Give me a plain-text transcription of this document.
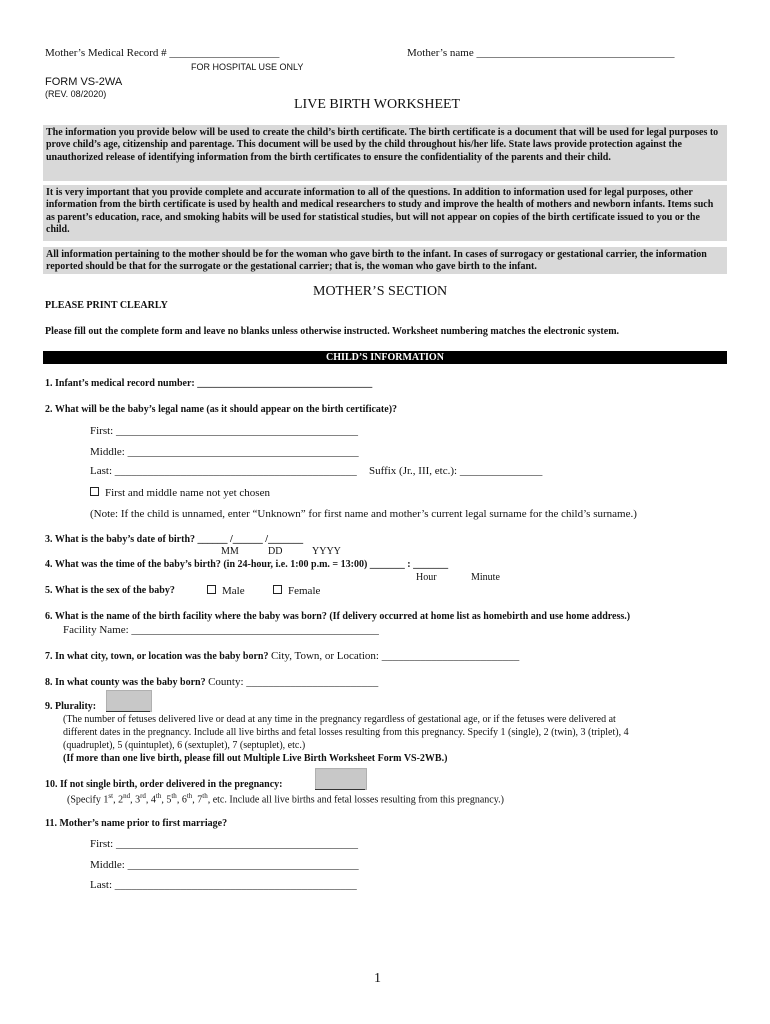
Mother’s Medical Record # ____________________
FOR HOSPITAL USE ONLY
Mother’s name ____________________________________
FORM VS-2WA
(REV. 08/2020)
LIVE BIRTH WORKSHEET
The information you provide below will be used to create the child’s birth certificate. The birth certificate is a document that will be used for legal purposes to prove child’s age, citizenship and parentage. This document will be used by the child throughout his/her life. State laws provide protection against the unauthorized release of identifying information from the birth certificates to ensure the confidentiality of the parents and their child.
It is very important that you provide complete and accurate information to all of the questions. In addition to information used for legal purposes, other information from the birth certificate is used by health and medical researchers to study and improve the health of mothers and newborn infants. Items such as parent’s education, race, and smoking habits will be used for statistical studies, but will not appear on copies of the birth certificate issued to you or the child.
All information pertaining to the mother should be for the woman who gave birth to the infant. In cases of surrogacy or gestational carrier, the information reported should be that for the surrogate or the gestational carrier; that is, the woman who gave birth to the infant.
MOTHER’S SECTION
PLEASE PRINT CLEARLY
Please fill out the complete form and leave no blanks unless otherwise instructed. Worksheet numbering matches the electronic system.
CHILD’S INFORMATION
1. Infant’s medical record number: ___________________________________
2. What will be the baby’s legal name (as it should appear on the birth certificate)?
First: ____________________________________________
Middle: __________________________________________
Last: ____________________________________________ Suffix (Jr., III, etc.): _______________
First and middle name not yet chosen
(Note: If the child is unnamed, enter “Unknown” for first name and mother’s current legal surname for the child’s surname.)
3. What is the baby’s date of birth? ______ /______ /_______
MM	DD	YYYY
4. What was the time of the baby’s birth? (in 24-hour, i.e. 1:00 p.m. = 13:00) _______ : _______
Hour	Minute
5. What is the sex of the baby?	Male	Female
6. What is the name of the birth facility where the baby was born? (If delivery occurred at home list as homebirth and use home address.)
Facility Name: _____________________________________________
7. In what city, town, or location was the baby born? City, Town, or Location: _________________________
8. In what county was the baby born? County: ________________________
9. Plurality:
(The number of fetuses delivered live or dead at any time in the pregnancy regardless of gestational age, or if the fetuses were delivered at
different dates in the pregnancy. Include all live births and fetal losses resulting from this pregnancy. Specify 1 (single), 2 (twin), 3 (triplet), 4
(quadruplet), 5 (quintuplet), 6 (sextuplet), 7 (septuplet), etc.)
(If more than one live birth, please fill out Multiple Live Birth Worksheet Form VS-2WB.)
10. If not single birth, order delivered in the pregnancy:
(Specify 1st, 2nd, 3rd, 4th, 5th, 6th, 7th, etc. Include all live births and fetal losses resulting from this pregnancy.)
11. Mother’s name prior to first marriage?
First: ____________________________________________
Middle: __________________________________________
Last: ____________________________________________
1
